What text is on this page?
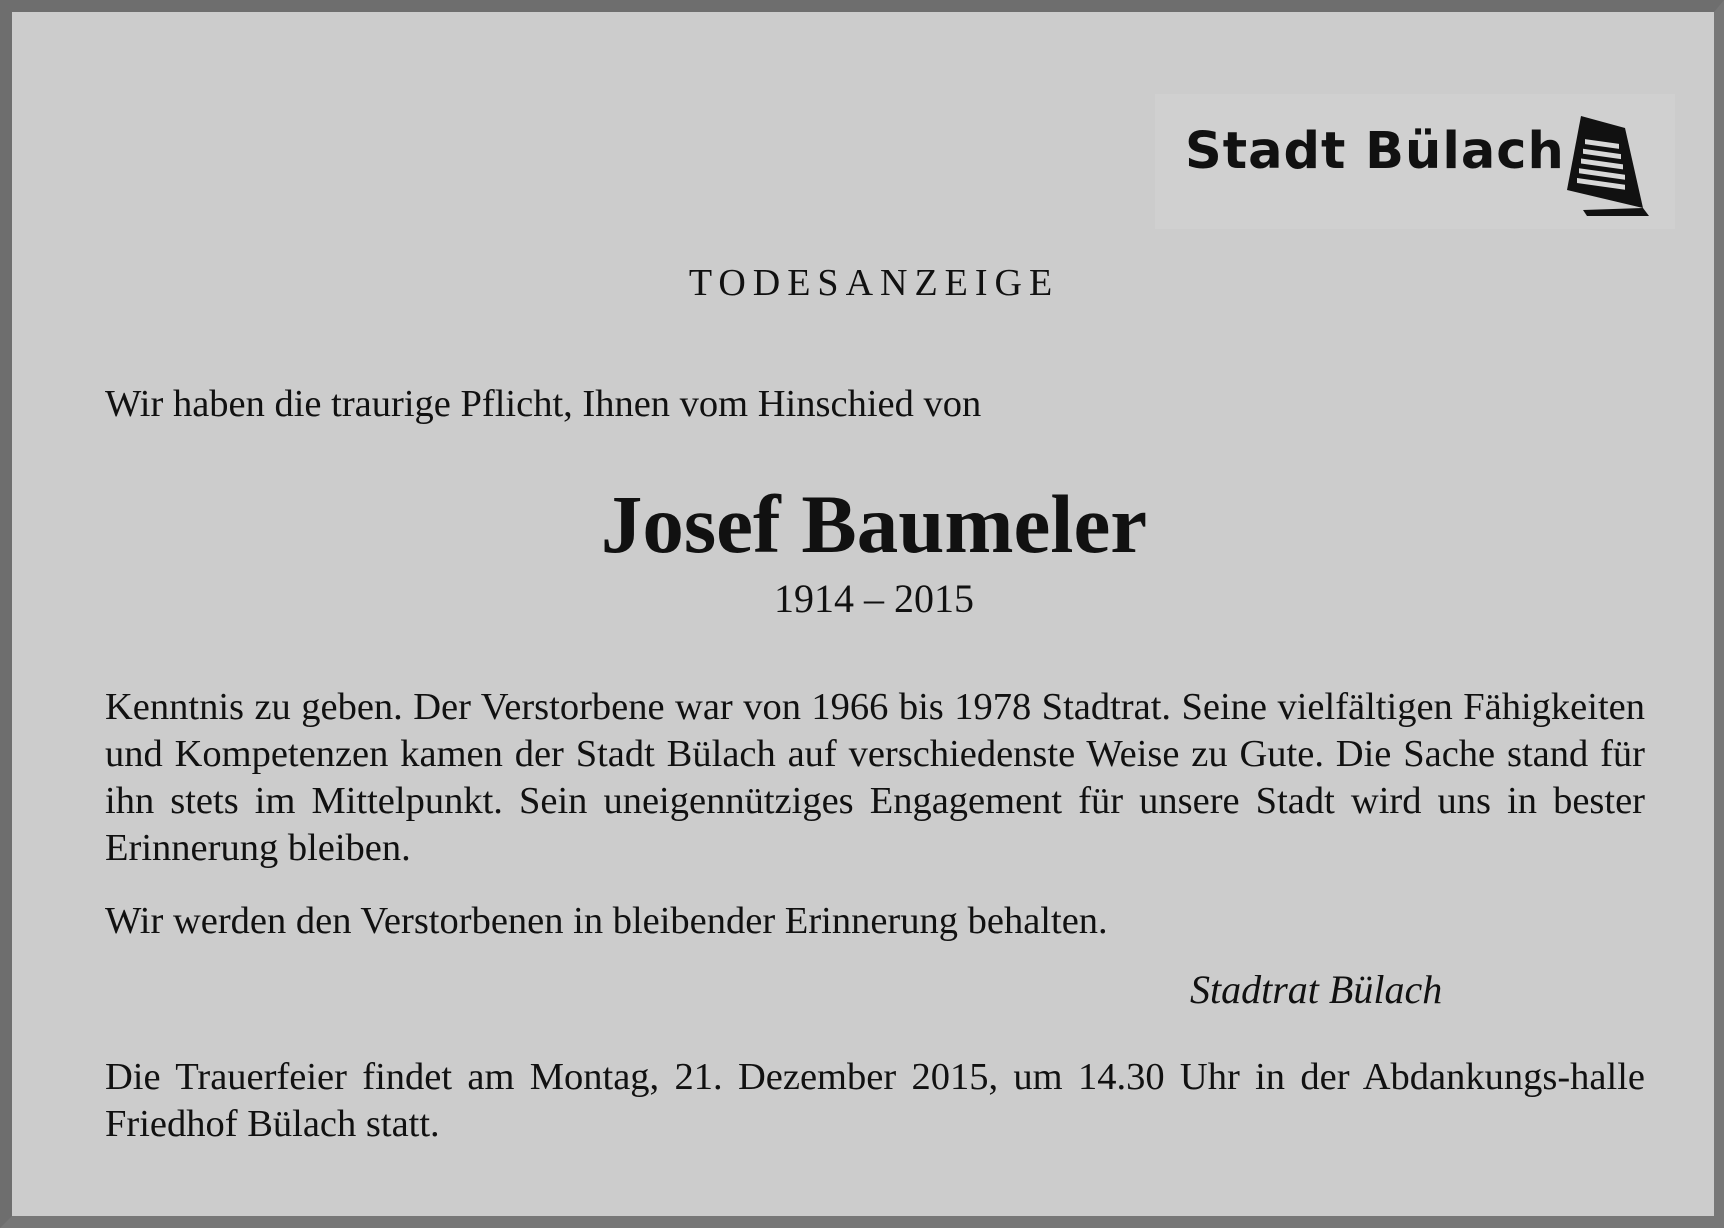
Stadt Bülach
TODESANZEIGE

Wir haben die traurige Pflicht, Ihnen vom Hinschied von

Josef Baumeler
1914 – 2015

Kenntnis zu geben. Der Verstorbene war von 1966 bis 1978 Stadtrat. Seine vielfältigen Fähigkeiten und Kompetenzen kamen der Stadt Bülach auf verschiedenste Weise zu Gute. Die Sache stand für ihn stets im Mittelpunkt. Sein uneigennütziges Engagement für unsere Stadt wird uns in bester Erinnerung bleiben.

Wir werden den Verstorbenen in bleibender Erinnerung behalten.

Stadtrat Bülach

Die Trauerfeier findet am Montag, 21. Dezember 2015, um 14.30 Uhr in der Abdankungs-halle Friedhof Bülach statt.
